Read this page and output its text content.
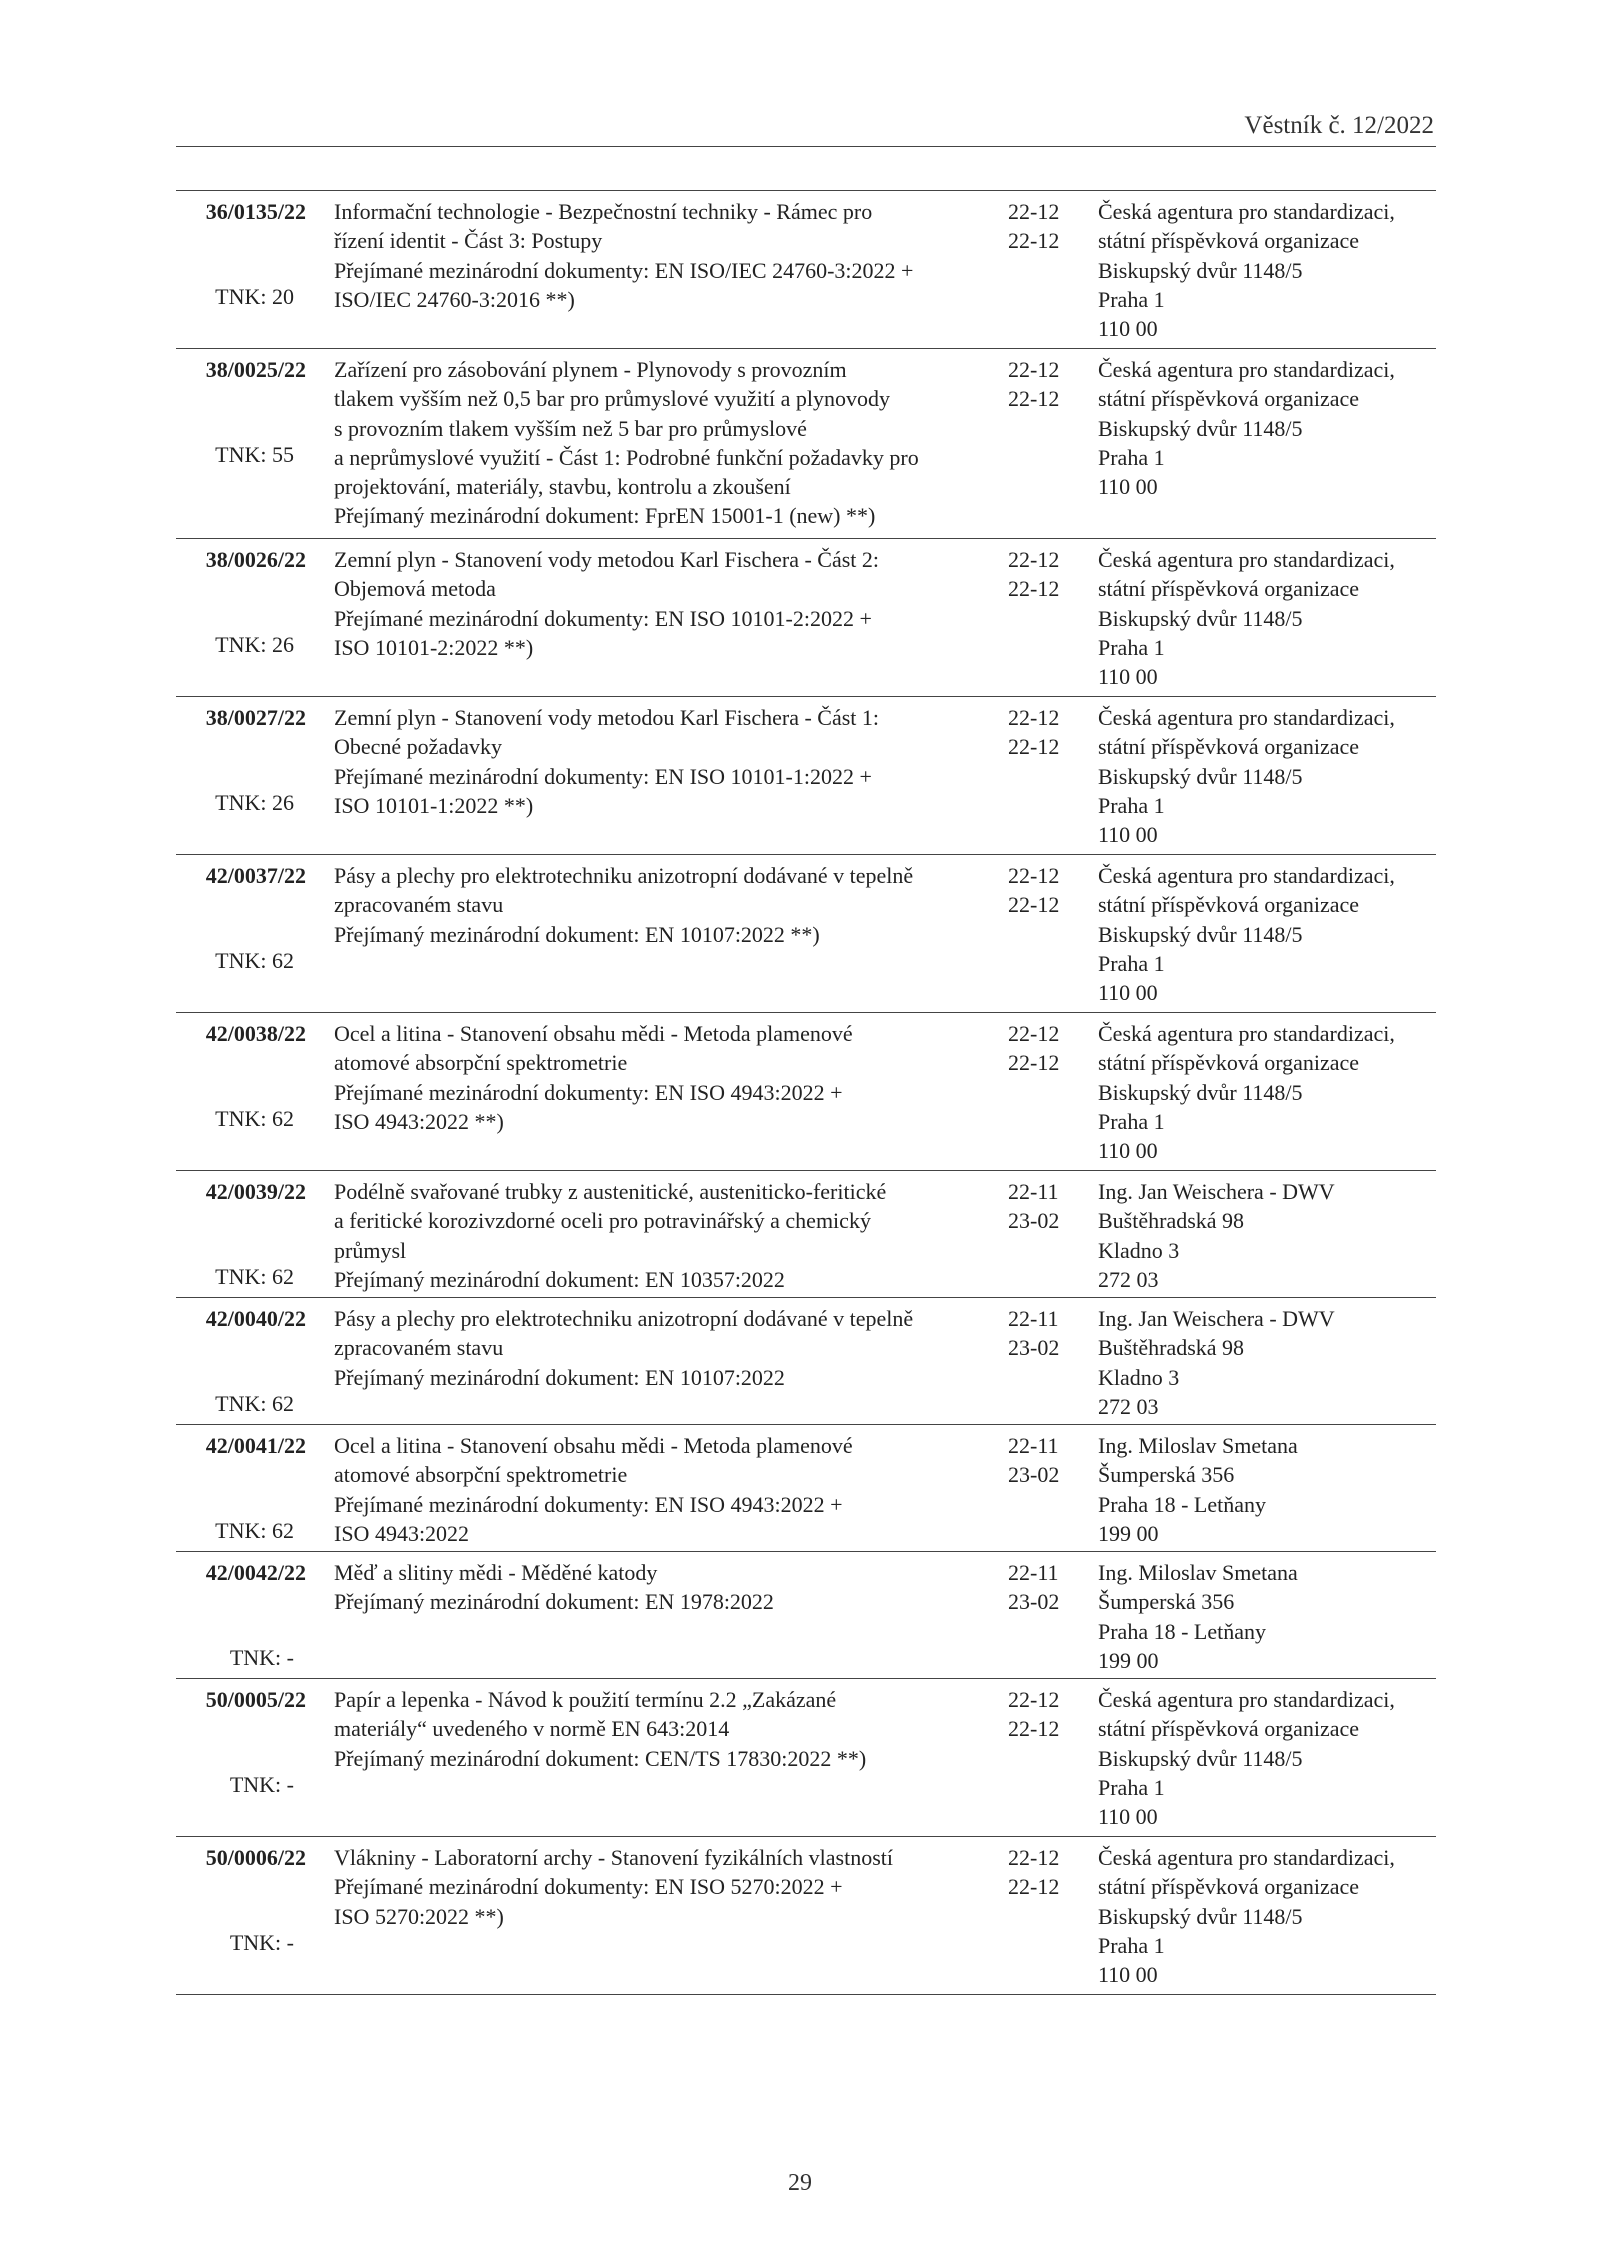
Věstník č. 12/2022
36/0135/22
TNK: 20
Informační technologie - Bezpečnostní techniky - Rámec pro
řízení identit - Část 3: Postupy
Přejímané mezinárodní dokumenty: EN ISO/IEC 24760-3:2022 +
ISO/IEC 24760-3:2016 **)
22-12
22-12
Česká agentura pro standardizaci,
státní příspěvková organizace
Biskupský dvůr 1148/5
Praha 1
110 00
38/0025/22
TNK: 55
Zařízení pro zásobování plynem - Plynovody s provozním
tlakem vyšším než 0,5 bar pro průmyslové využití a plynovody
s provozním tlakem vyšším než 5 bar pro průmyslové
a neprůmyslové využití - Část 1: Podrobné funkční požadavky pro
projektování, materiály, stavbu, kontrolu a zkoušení
Přejímaný mezinárodní dokument: FprEN 15001-1 (new) **)
22-12
22-12
Česká agentura pro standardizaci,
státní příspěvková organizace
Biskupský dvůr 1148/5
Praha 1
110 00
38/0026/22
TNK: 26
Zemní plyn - Stanovení vody metodou Karl Fischera - Část 2:
Objemová metoda
Přejímané mezinárodní dokumenty: EN ISO 10101-2:2022 +
ISO 10101-2:2022 **)
22-12
22-12
Česká agentura pro standardizaci,
státní příspěvková organizace
Biskupský dvůr 1148/5
Praha 1
110 00
38/0027/22
TNK: 26
Zemní plyn - Stanovení vody metodou Karl Fischera - Část 1:
Obecné požadavky
Přejímané mezinárodní dokumenty: EN ISO 10101-1:2022 +
ISO 10101-1:2022 **)
22-12
22-12
Česká agentura pro standardizaci,
státní příspěvková organizace
Biskupský dvůr 1148/5
Praha 1
110 00
42/0037/22
TNK: 62
Pásy a plechy pro elektrotechniku anizotropní dodávané v tepelně
zpracovaném stavu
Přejímaný mezinárodní dokument: EN 10107:2022 **)
22-12
22-12
Česká agentura pro standardizaci,
státní příspěvková organizace
Biskupský dvůr 1148/5
Praha 1
110 00
42/0038/22
TNK: 62
Ocel a litina - Stanovení obsahu mědi - Metoda plamenové
atomové absorpční spektrometrie
Přejímané mezinárodní dokumenty: EN ISO 4943:2022 +
ISO 4943:2022 **)
22-12
22-12
Česká agentura pro standardizaci,
státní příspěvková organizace
Biskupský dvůr 1148/5
Praha 1
110 00
42/0039/22
TNK: 62
Podélně svařované trubky z austenitické, austeniticko-feritické
a feritické korozivzdorné oceli pro potravinářský a chemický
průmysl
Přejímaný mezinárodní dokument: EN 10357:2022
22-11
23-02
Ing. Jan Weischera - DWV
Buštěhradská 98
Kladno 3
272 03
42/0040/22
TNK: 62
Pásy a plechy pro elektrotechniku anizotropní dodávané v tepelně
zpracovaném stavu
Přejímaný mezinárodní dokument: EN 10107:2022
22-11
23-02
Ing. Jan Weischera - DWV
Buštěhradská 98
Kladno 3
272 03
42/0041/22
TNK: 62
Ocel a litina - Stanovení obsahu mědi - Metoda plamenové
atomové absorpční spektrometrie
Přejímané mezinárodní dokumenty: EN ISO 4943:2022 +
ISO 4943:2022
22-11
23-02
Ing. Miloslav Smetana
Šumperská 356
Praha 18 - Letňany
199 00
42/0042/22
TNK: -
Měď a slitiny mědi - Měděné katody
Přejímaný mezinárodní dokument: EN 1978:2022
22-11
23-02
Ing. Miloslav Smetana
Šumperská 356
Praha 18 - Letňany
199 00
50/0005/22
TNK: -
Papír a lepenka - Návod k použití termínu 2.2 „Zakázané
materiály“ uvedeného v normě EN 643:2014
Přejímaný mezinárodní dokument: CEN/TS 17830:2022 **)
22-12
22-12
Česká agentura pro standardizaci,
státní příspěvková organizace
Biskupský dvůr 1148/5
Praha 1
110 00
50/0006/22
TNK: -
Vlákniny - Laboratorní archy - Stanovení fyzikálních vlastností
Přejímané mezinárodní dokumenty: EN ISO 5270:2022 +
ISO 5270:2022 **)
22-12
22-12
Česká agentura pro standardizaci,
státní příspěvková organizace
Biskupský dvůr 1148/5
Praha 1
110 00
29
